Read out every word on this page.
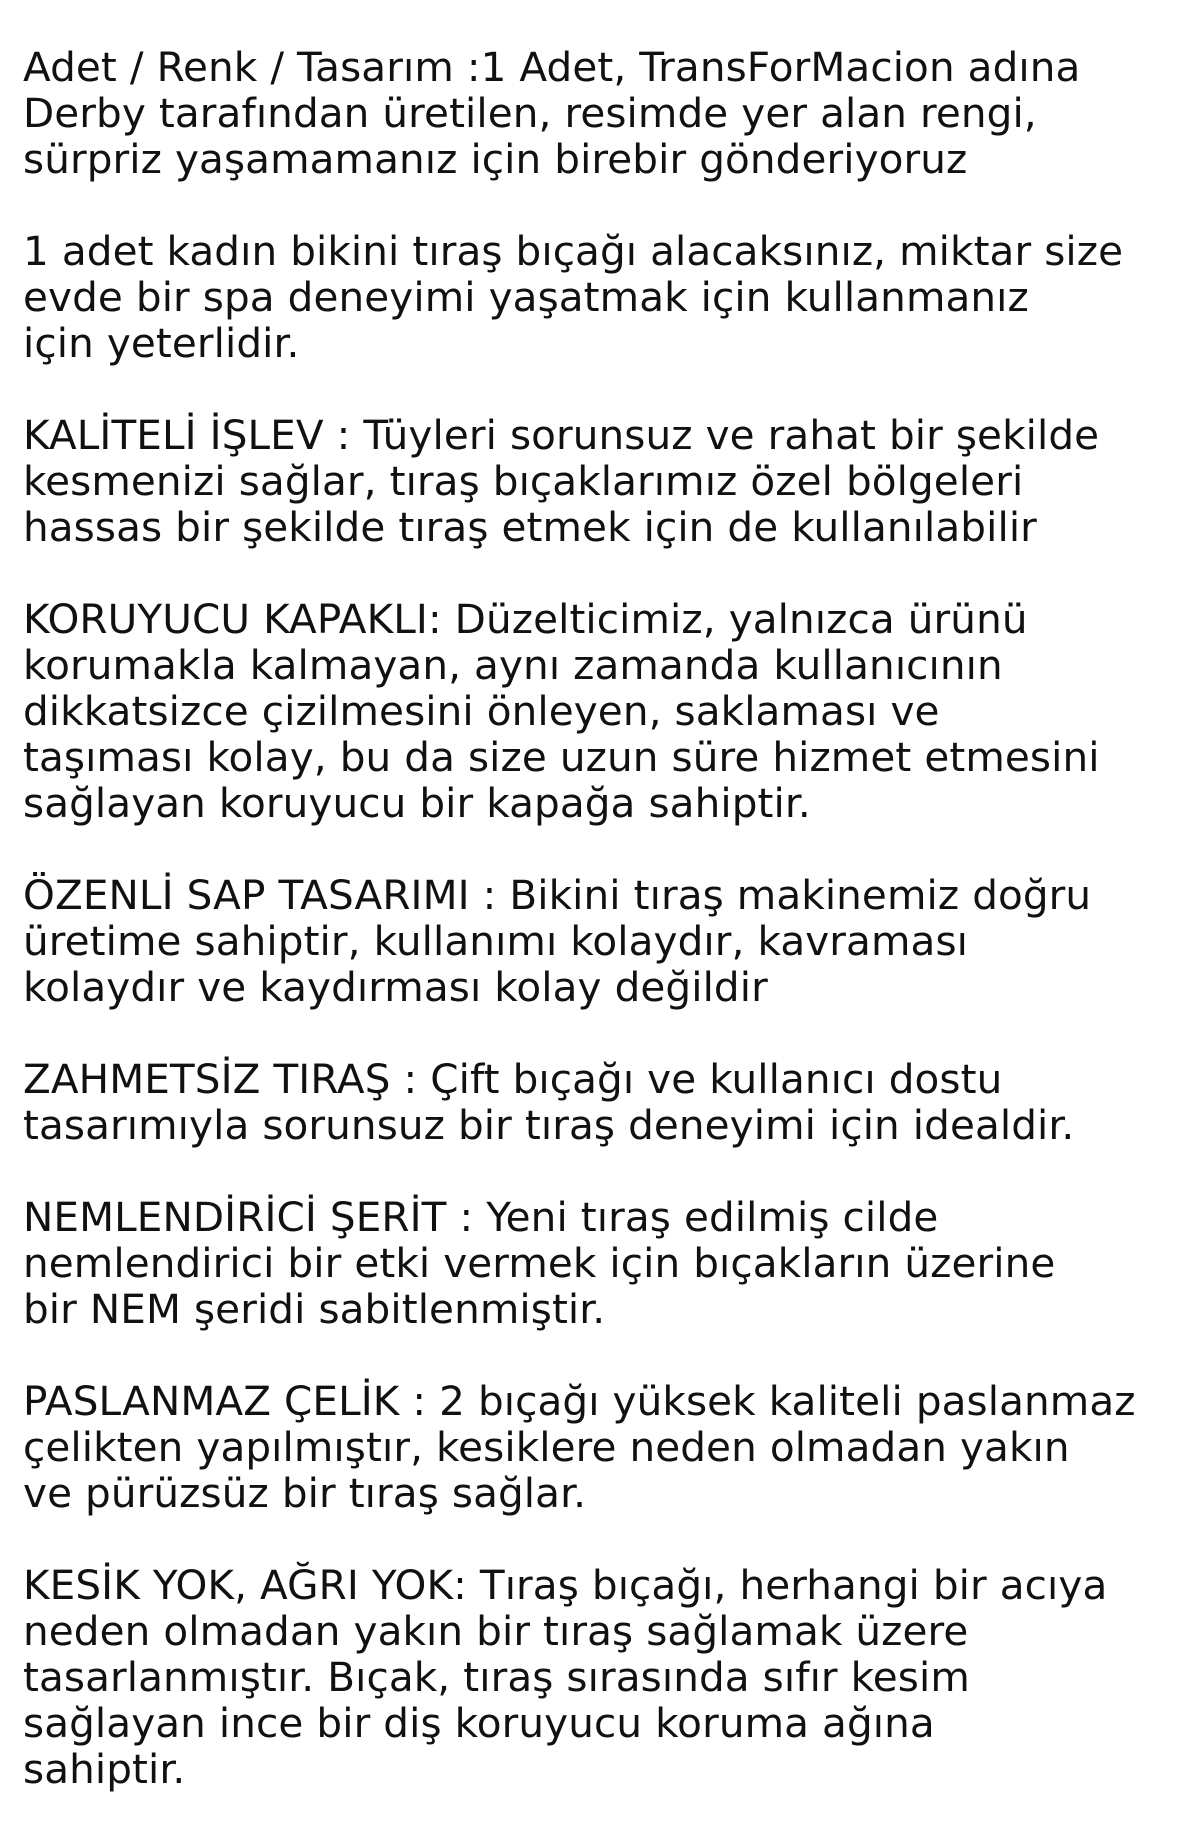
Adet / Renk / Tasarım :1 Adet, TransForMacion adına
Derby tarafından üretilen, resimde yer alan rengi,
sürpriz yaşamamanız için birebir gönderiyoruz
1 adet kadın bikini tıraş bıçağı alacaksınız, miktar size
evde bir spa deneyimi yaşatmak için kullanmanız
için yeterlidir.
KALİTELİ İŞLEV : Tüyleri sorunsuz ve rahat bir şekilde
kesmenizi sağlar, tıraş bıçaklarımız özel bölgeleri
hassas bir şekilde tıraş etmek için de kullanılabilir
KORUYUCU KAPAKLI: Düzelticimiz, yalnızca ürünü
korumakla kalmayan, aynı zamanda kullanıcının
dikkatsizce çizilmesini önleyen, saklaması ve
taşıması kolay, bu da size uzun süre hizmet etmesini
sağlayan koruyucu bir kapağa sahiptir.
ÖZENLİ SAP TASARIMI : Bikini tıraş makinemiz doğru
üretime sahiptir, kullanımı kolaydır, kavraması
kolaydır ve kaydırması kolay değildir
ZAHMETSİZ TIRAŞ : Çift bıçağı ve kullanıcı dostu
tasarımıyla sorunsuz bir tıraş deneyimi için idealdir.
NEMLENDİRİCİ ŞERİT : Yeni tıraş edilmiş cilde
nemlendirici bir etki vermek için bıçakların üzerine
bir NEM şeridi sabitlenmiştir.
PASLANMAZ ÇELİK : 2 bıçağı yüksek kaliteli paslanmaz
çelikten yapılmıştır, kesiklere neden olmadan yakın
ve pürüzsüz bir tıraş sağlar.
KESİK YOK, AĞRI YOK: Tıraş bıçağı, herhangi bir acıya
neden olmadan yakın bir tıraş sağlamak üzere
tasarlanmıştır. Bıçak, tıraş sırasında sıfır kesim
sağlayan ince bir diş koruyucu koruma ağına
sahiptir.
